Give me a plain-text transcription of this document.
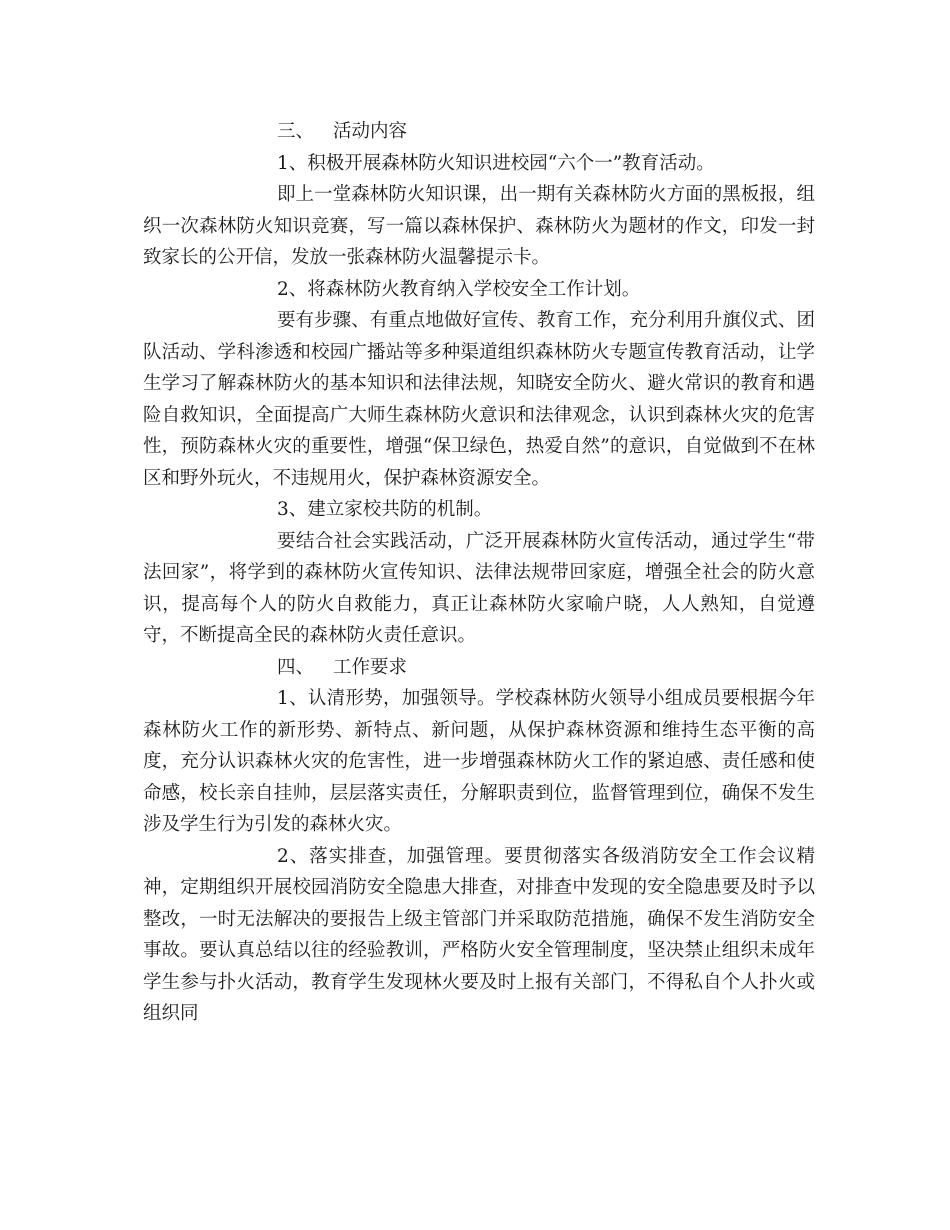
三、 活动内容

1、积极开展森林防火知识进校园“六个一”教育活动。

即上一堂森林防火知识课，出一期有关森林防火方面的黑板报，组织一次森林防火知识竞赛，写一篇以森林保护、森林防火为题材的作文，印发一封致家长的公开信，发放一张森林防火温馨提示卡。

2、将森林防火教育纳入学校安全工作计划。

要有步骤、有重点地做好宣传、教育工作，充分利用升旗仪式、团队活动、学科渗透和校园广播站等多种渠道组织森林防火专题宣传教育活动，让学生学习了解森林防火的基本知识和法律法规，知晓安全防火、避火常识的教育和遇险自救知识，全面提高广大师生森林防火意识和法律观念，认识到森林火灾的危害性，预防森林火灾的重要性，增强“保卫绿色，热爱自然”的意识，自觉做到不在林区和野外玩火，不违规用火，保护森林资源安全。

3、建立家校共防的机制。

要结合社会实践活动，广泛开展森林防火宣传活动，通过学生“带法回家”，将学到的森林防火宣传知识、法律法规带回家庭，增强全社会的防火意识，提高每个人的防火自救能力，真正让森林防火家喻户晓，人人熟知，自觉遵守，不断提高全民的森林防火责任意识。

四、 工作要求

1、认清形势，加强领导。学校森林防火领导小组成员要根据今年森林防火工作的新形势、新特点、新问题，从保护森林资源和维持生态平衡的高度，充分认识森林火灾的危害性，进一步增强森林防火工作的紧迫感、责任感和使命感，校长亲自挂帅，层层落实责任，分解职责到位，监督管理到位，确保不发生涉及学生行为引发的森林火灾。

2、落实排查，加强管理。要贯彻落实各级消防安全工作会议精神，定期组织开展校园消防安全隐患大排查，对排查中发现的安全隐患要及时予以整改，一时无法解决的要报告上级主管部门并采取防范措施，确保不发生消防安全事故。要认真总结以往的经验教训，严格防火安全管理制度，坚决禁止组织未成年学生参与扑火活动，教育学生发现林火要及时上报有关部门，不得私自个人扑火或组织同
